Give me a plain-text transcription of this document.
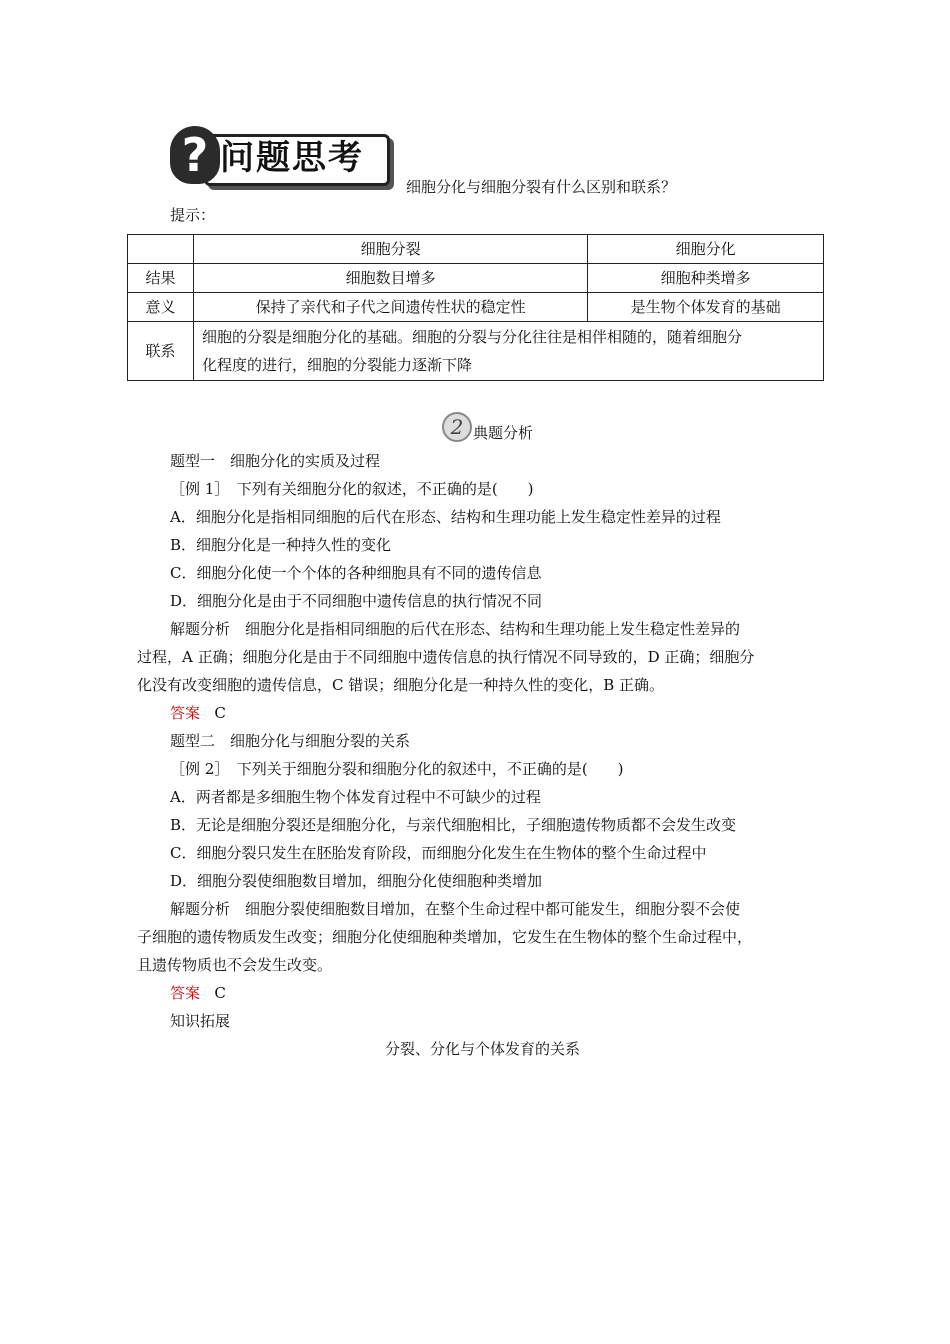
? 问题思考
细胞分化与细胞分裂有什么区别和联系？
提示：
	细胞分裂	细胞分化
结果	细胞数目增多	细胞种类增多
意义	保持了亲代和子代之间遗传性状的稳定性	是生物个体发育的基础
联系	细胞的分裂是细胞分化的基础。细胞的分裂与分化往往是相伴相随的，随着细胞分
化程度的进行，细胞的分裂能力逐渐下降	
2 典题分析
题型一　细胞分化的实质及过程
［例 1］　下列有关细胞分化的叙述，不正确的是(　　)
A．细胞分化是指相同细胞的后代在形态、结构和生理功能上发生稳定性差异的过程
B．细胞分化是一种持久性的变化
C．细胞分化使一个个体的各种细胞具有不同的遗传信息
D．细胞分化是由于不同细胞中遗传信息的执行情况不同
解题分析　细胞分化是指相同细胞的后代在形态、结构和生理功能上发生稳定性差异的
过程，A 正确；细胞分化是由于不同细胞中遗传信息的执行情况不同导致的，D 正确；细胞分
化没有改变细胞的遗传信息，C 错误；细胞分化是一种持久性的变化，B 正确。
答案 C
题型二　细胞分化与细胞分裂的关系
［例 2］　下列关于细胞分裂和细胞分化的叙述中，不正确的是(　　)
A．两者都是多细胞生物个体发育过程中不可缺少的过程
B．无论是细胞分裂还是细胞分化，与亲代细胞相比，子细胞遗传物质都不会发生改变
C．细胞分裂只发生在胚胎发育阶段，而细胞分化发生在生物体的整个生命过程中
D．细胞分裂使细胞数目增加，细胞分化使细胞种类增加
解题分析　细胞分裂使细胞数目增加，在整个生命过程中都可能发生，细胞分裂不会使
子细胞的遗传物质发生改变；细胞分化使细胞种类增加，它发生在生物体的整个生命过程中，
且遗传物质也不会发生改变。
答案 C
知识拓展
分裂、分化与个体发育的关系
